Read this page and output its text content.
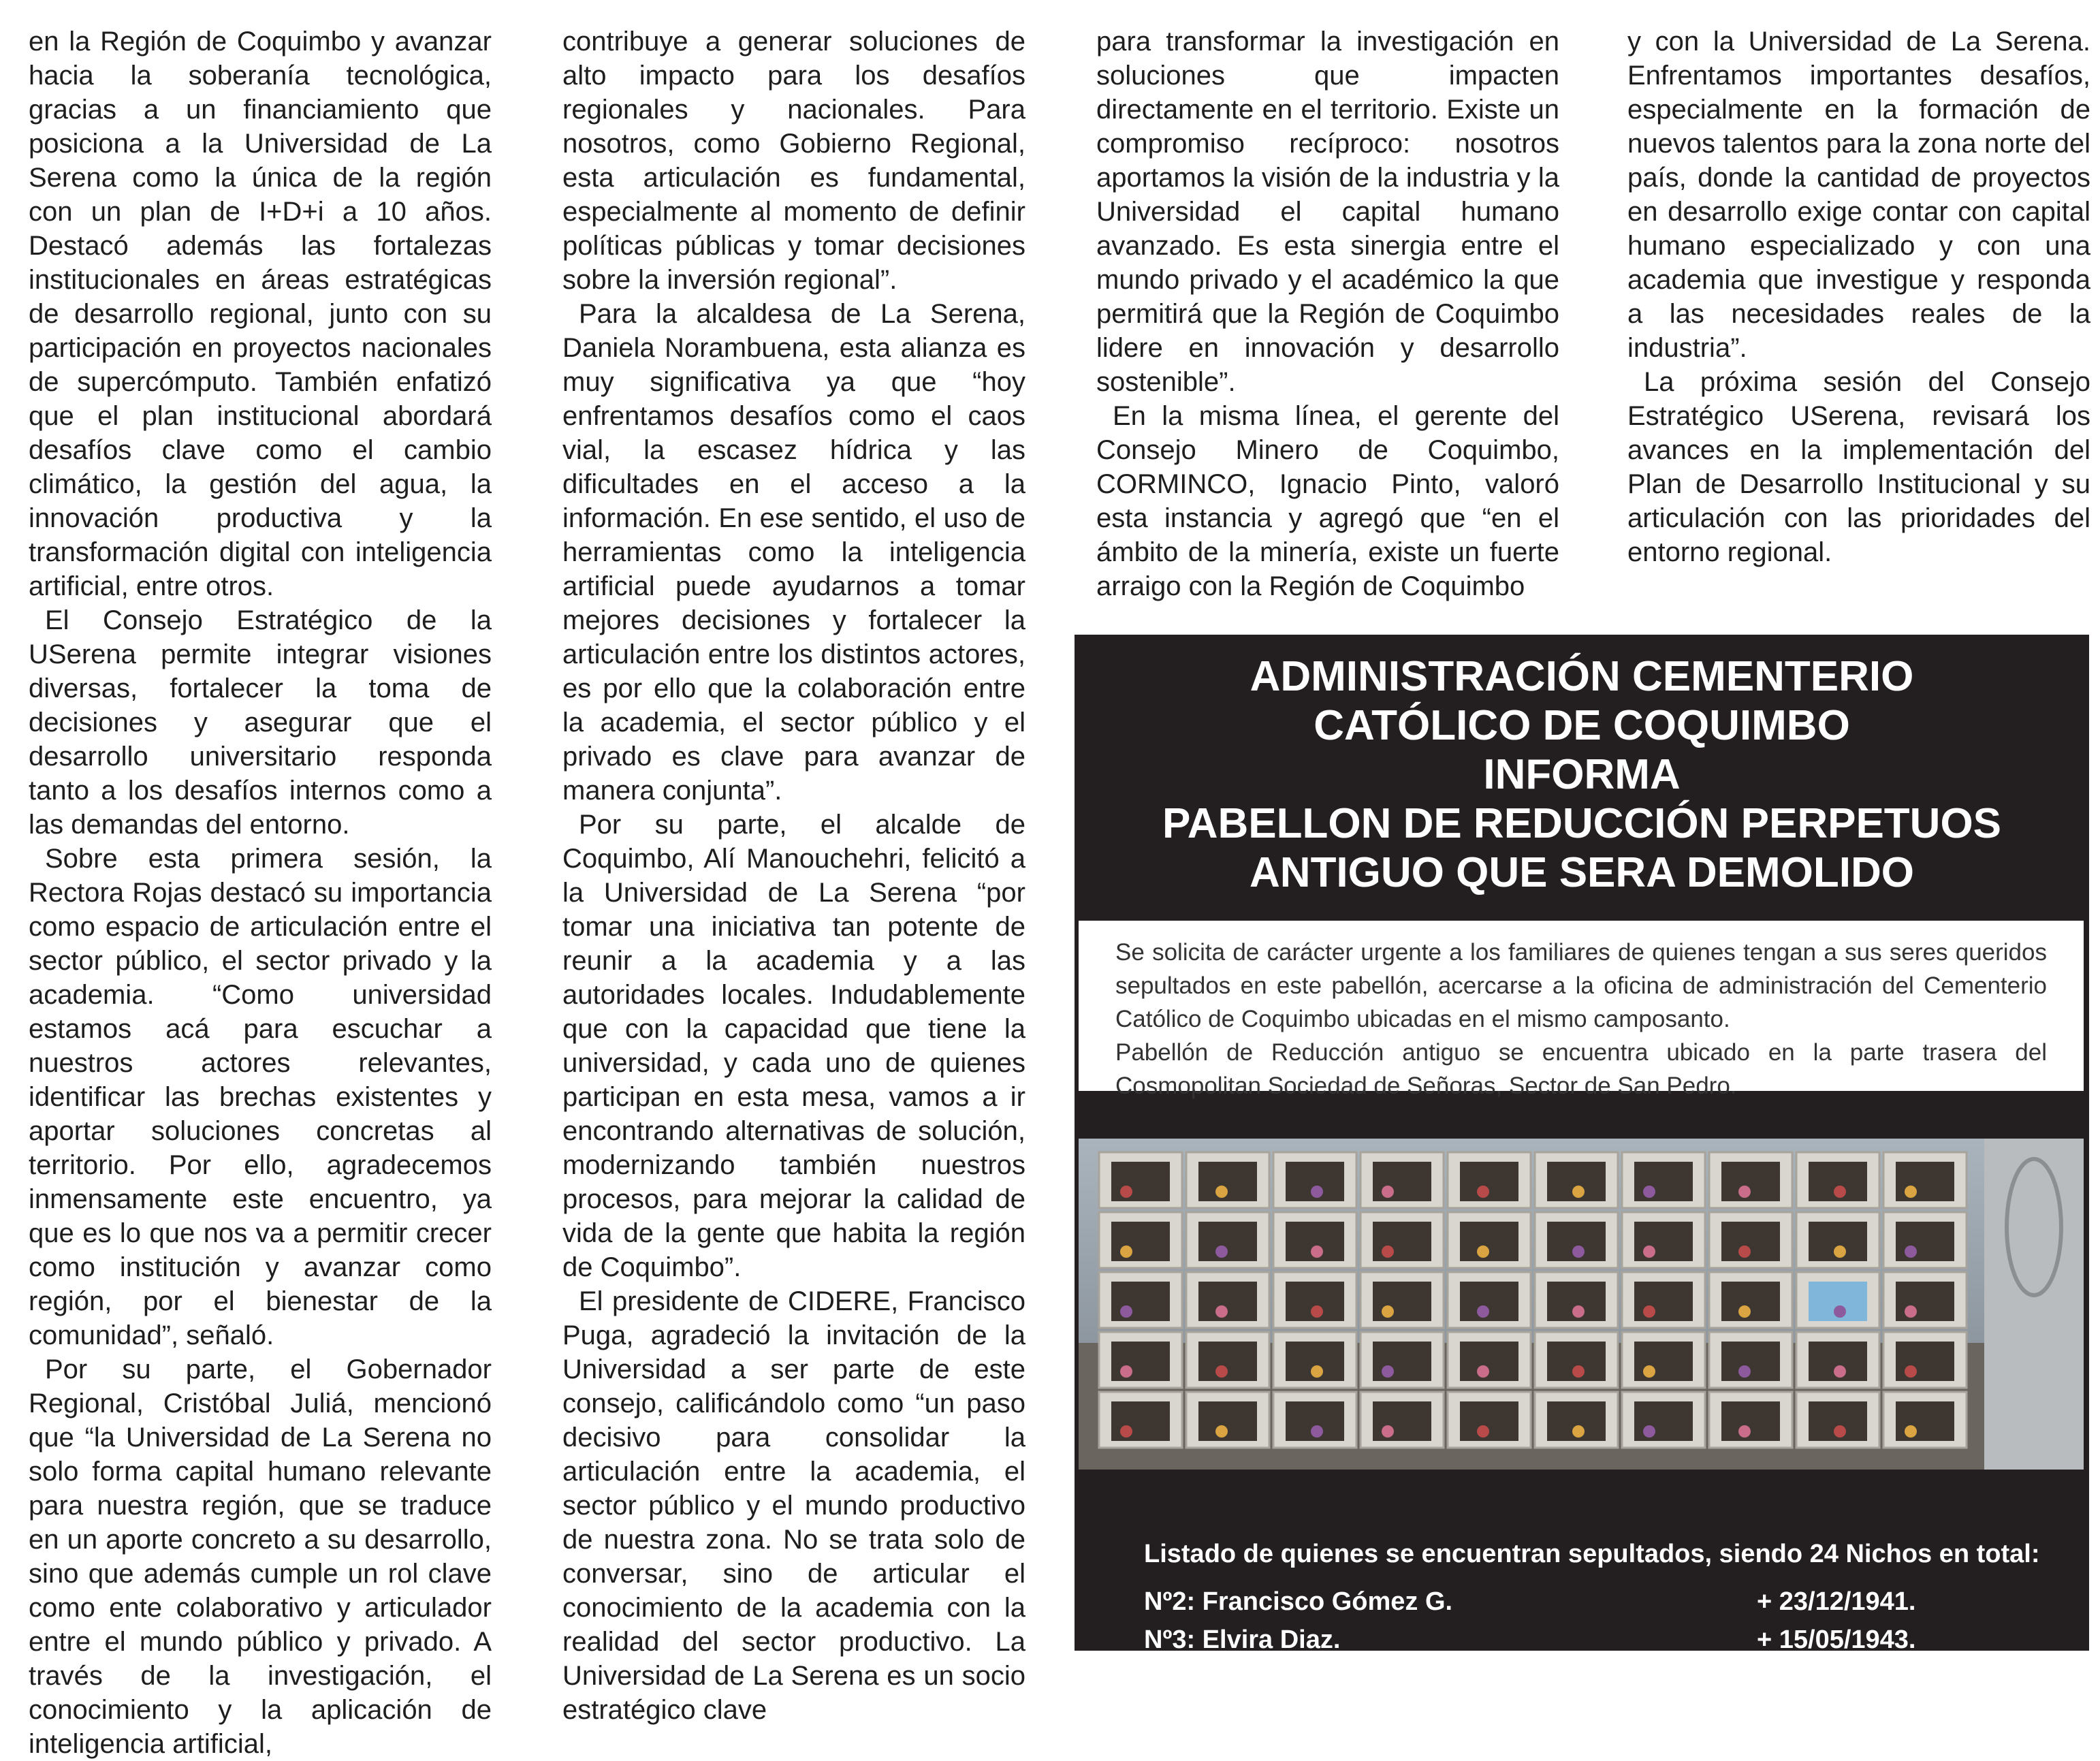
en la Región de Coquimbo y avanzar hacia la soberanía tecnológica, gracias a un financiamiento que posiciona a la Universidad de La Serena como la única de la región con un plan de I+D+i a 10 años. Destacó además las fortalezas institucionales en áreas estratégicas de desarrollo regional, junto con su participación en proyectos nacionales de supercómputo. También enfatizó que el plan institucional abordará desafíos clave como el cambio climático, la gestión del agua, la innovación productiva y la transformación digital con inteligencia artificial, entre otros.

El Consejo Estratégico de la USerena permite integrar visiones diversas, fortalecer la toma de decisiones y asegurar que el desarrollo universitario responda tanto a los desafíos internos como a las demandas del entorno.

Sobre esta primera sesión, la Rectora Rojas destacó su importancia como espacio de articulación entre el sector público, el sector privado y la academia. “Como universidad estamos acá para escuchar a nuestros actores relevantes, identificar las brechas existentes y aportar soluciones concretas al territorio. Por ello, agradecemos inmensamente este encuentro, ya que es lo que nos va a permitir crecer como institución y avanzar como región, por el bienestar de la comunidad”, señaló.

Por su parte, el Gobernador Regional, Cristóbal Juliá, mencionó que “la Universidad de La Serena no solo forma capital humano relevante para nuestra región, que se traduce en un aporte concreto a su desarrollo, sino que además cumple un rol clave como ente colaborativo y articulador entre el mundo público y privado. A través de la investigación, el conocimiento y la aplicación de inteligencia artificial,

contribuye a generar soluciones de alto impacto para los desafíos regionales y nacionales. Para nosotros, como Gobierno Regional, esta articulación es fundamental, especialmente al momento de definir políticas públicas y tomar decisiones sobre la inversión regional”.

Para la alcaldesa de La Serena, Daniela Norambuena, esta alianza es muy significativa ya que “hoy enfrentamos desafíos como el caos vial, la escasez hídrica y las dificultades en el acceso a la información. En ese sentido, el uso de herramientas como la inteligencia artificial puede ayudarnos a tomar mejores decisiones y fortalecer la articulación entre los distintos actores, es por ello que la colaboración entre la academia, el sector público y el privado es clave para avanzar de manera conjunta”.

Por su parte, el alcalde de Coquimbo, Alí Manouchehri, felicitó a la Universidad de La Serena “por tomar una iniciativa tan potente de reunir a la academia y a las autoridades locales. Indudablemente que con la capacidad que tiene la universidad, y cada uno de quienes participan en esta mesa, vamos a ir encontrando alternativas de solución, modernizando también nuestros procesos, para mejorar la calidad de vida de la gente que habita la región de Coquimbo”.

El presidente de CIDERE, Francisco Puga, agradeció la invitación de la Universidad a ser parte de este consejo, calificándolo como “un paso decisivo para consolidar la articulación entre la academia, el sector público y el mundo productivo de nuestra zona. No se trata solo de conversar, sino de articular el conocimiento de la academia con la realidad del sector productivo. La Universidad de La Serena es un socio estratégico clave

para transformar la investigación en soluciones que impacten directamente en el territorio. Existe un compromiso recíproco: nosotros aportamos la visión de la industria y la Universidad el capital humano avanzado. Es esta sinergia entre el mundo privado y el académico la que permitirá que la Región de Coquimbo lidere en innovación y desarrollo sostenible”.

En la misma línea, el gerente del Consejo Minero de Coquimbo, CORMINCO, Ignacio Pinto, valoró esta instancia y agregó que “en el ámbito de la minería, existe un fuerte arraigo con la Región de Coquimbo

y con la Universidad de La Serena. Enfrentamos importantes desafíos, especialmente en la formación de nuevos talentos para la zona norte del país, donde la cantidad de proyectos en desarrollo exige contar con capital humano especializado y con una academia que investigue y responda a las necesidades reales de la industria”.

La próxima sesión del Consejo Estratégico USerena, revisará los avances en la implementación del Plan de Desarrollo Institucional y su articulación con las prioridades del entorno regional.

ADMINISTRACIÓN CEMENTERIO
CATÓLICO DE COQUIMBO
INFORMA
PABELLON DE REDUCCIÓN PERPETUOS
ANTIGUO QUE SERA DEMOLIDO

Se solicita de carácter urgente a los familiares de quienes tengan a sus seres queridos sepultados en este pabellón, acercarse a la oficina de administración del Cementerio Católico de Coquimbo ubicadas en el mismo camposanto.

Pabellón de Reducción antiguo se encuentra ubicado en la parte trasera del Cosmopolitan Sociedad de Señoras, Sector de San Pedro.

Listado de quienes se encuentran sepultados, siendo 24 Nichos en total:
Nº2: Francisco Gómez G.	+ 23/12/1941.
Nº3: Elvira Diaz.	+ 15/05/1943.
Nº4: Francisca Veliz	+ 1929
